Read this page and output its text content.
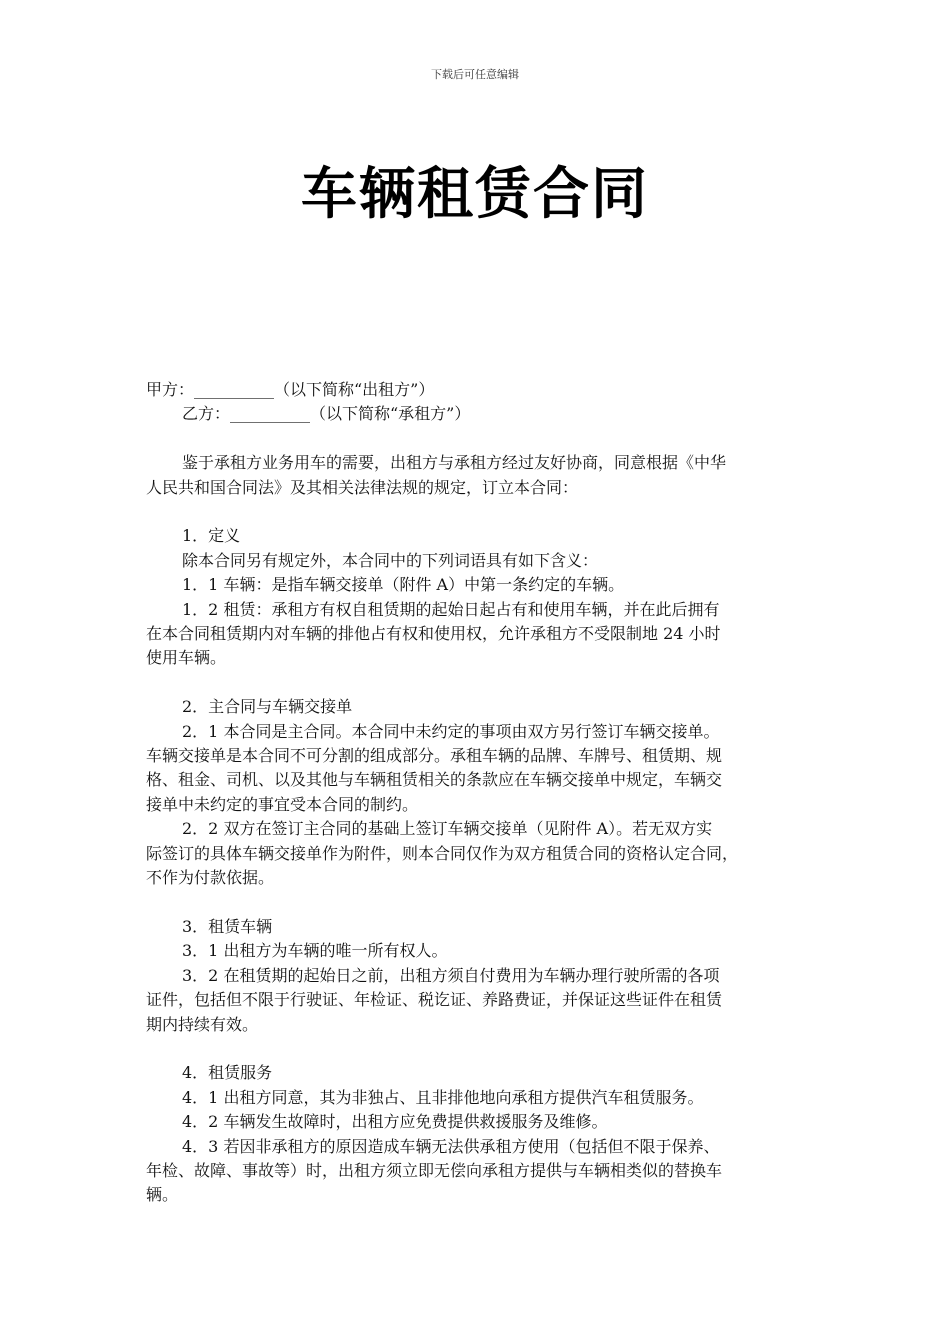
下载后可任意编辑
车辆租赁合同
甲方：__________（以下简称“出租方”）
乙方：__________（以下简称“承租方”）
鉴于承租方业务用车的需要，出租方与承租方经过友好协商，同意根据《中华
人民共和国合同法》及其相关法律法规的规定，订立本合同：
1．定义
除本合同另有规定外，本合同中的下列词语具有如下含义：
1．1 车辆：是指车辆交接单（附件 A）中第一条约定的车辆。
1．2 租赁：承租方有权自租赁期的起始日起占有和使用车辆，并在此后拥有
在本合同租赁期内对车辆的排他占有权和使用权，允许承租方不受限制地 24 小时
使用车辆。
2．主合同与车辆交接单
2．1 本合同是主合同。本合同中未约定的事项由双方另行签订车辆交接单。
车辆交接单是本合同不可分割的组成部分。承租车辆的品牌、车牌号、租赁期、规
格、租金、司机、以及其他与车辆租赁相关的条款应在车辆交接单中规定，车辆交
接单中未约定的事宜受本合同的制约。
2．2 双方在签订主合同的基础上签订车辆交接单（见附件 A）。若无双方实
际签订的具体车辆交接单作为附件，则本合同仅作为双方租赁合同的资格认定合同，
不作为付款依据。
3．租赁车辆
3．1 出租方为车辆的唯一所有权人。
3．2 在租赁期的起始日之前，出租方须自付费用为车辆办理行驶所需的各项
证件，包括但不限于行驶证、年检证、税讫证、养路费证，并保证这些证件在租赁
期内持续有效。
4．租赁服务
4．1 出租方同意，其为非独占、且非排他地向承租方提供汽车租赁服务。
4．2 车辆发生故障时，出租方应免费提供救援服务及维修。
4．3 若因非承租方的原因造成车辆无法供承租方使用（包括但不限于保养、
年检、故障、事故等）时，出租方须立即无偿向承租方提供与车辆相类似的替换车
辆。
